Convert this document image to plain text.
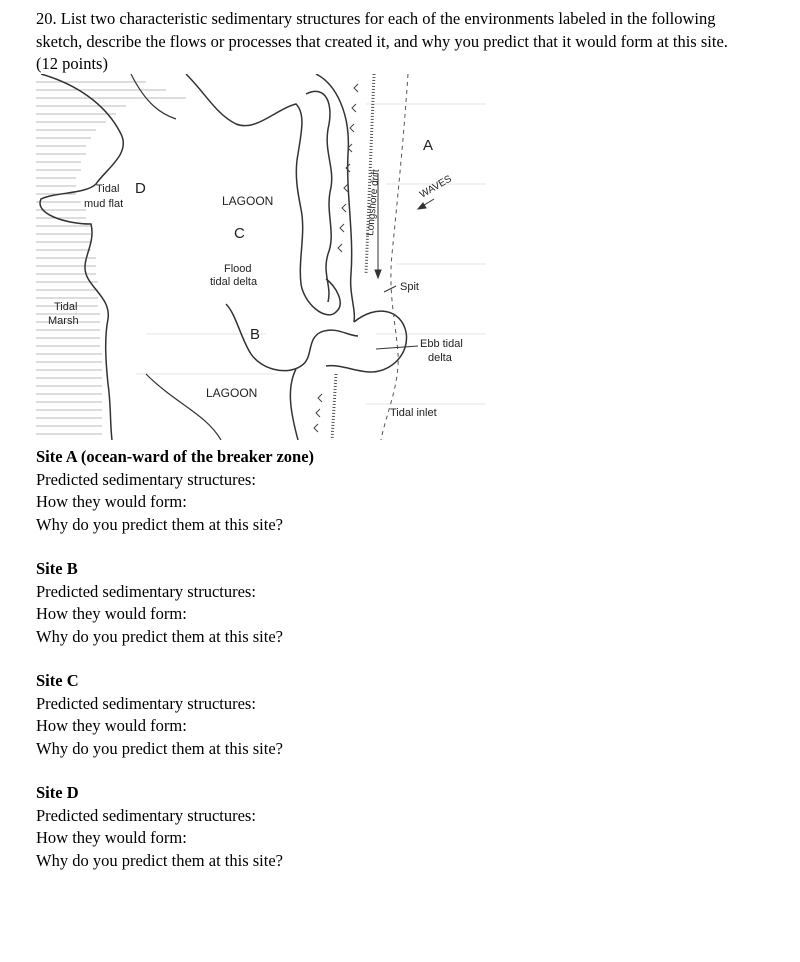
20. List two characteristic sedimentary structures for each of the environments labeled in the following sketch, describe the flows or processes that created it, and why you predict that it would form at this site. (12 points)
A
B
C
D
Tidal
mud flat	LAGOON
LAGOON
Flood
tidal delta
Tidal
Marsh
Longshore drift	WAVES
Spit
Ebb tidal
delta
Tidal inlet
Site A (ocean-ward of the breaker zone)
Predicted sedimentary structures:
How they would form:
Why do you predict them at this site?
Site B
Predicted sedimentary structures:
How they would form:
Why do you predict them at this site?
Site C
Predicted sedimentary structures:
How they would form:
Why do you predict them at this site?
Site D
Predicted sedimentary structures:
How they would form:
Why do you predict them at this site?
